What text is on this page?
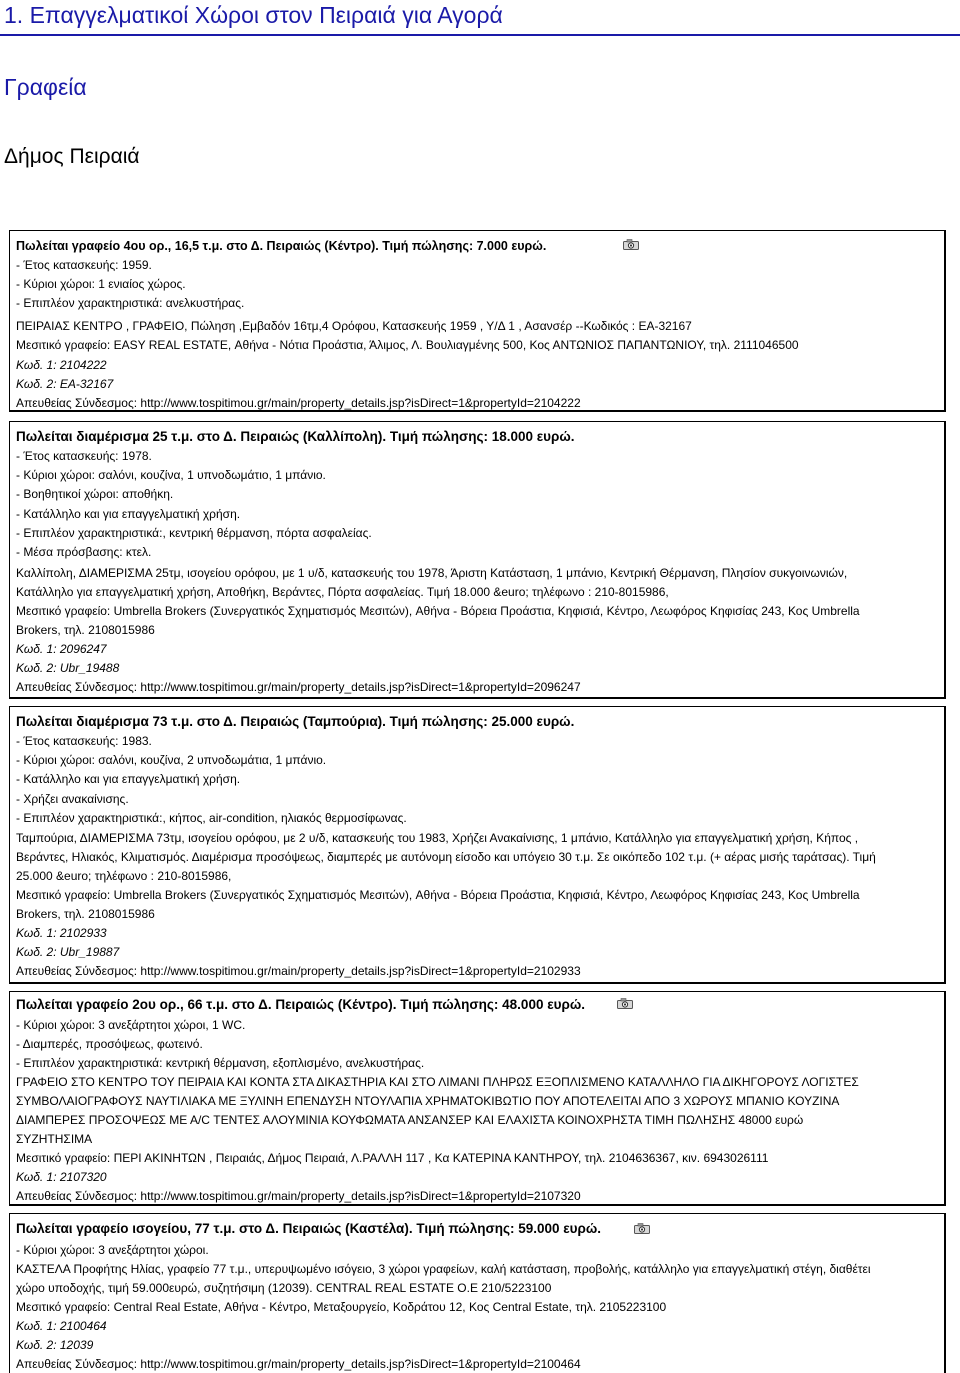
1. Επαγγελματικοί Χώροι στον Πειραιά για Αγορά
Γραφεία
Δήμος Πειραιά
Πωλείται γραφείο 4ου ορ., 16,5 τ.μ. στο Δ. Πειραιώς (Κέντρο). Τιμή πώλησης: 7.000 ευρώ.
- Έτος κατασκευής: 1959.
- Κύριοι χώροι: 1 ενιαίος χώρος.
- Επιπλέον χαρακτηριστικά: ανελκυστήρας.
ΠΕΙΡΑΙΑΣ ΚΕΝΤΡΟ , ΓΡΑΦΕΙΟ, Πώληση ,Εμβαδόν 16τμ,4 Ορόφου, Κατασκευής 1959 , Υ/Δ 1 , Ασανσέρ --Κωδικός : ΕΑ-32167
Μεσιτικό γραφείο: EASY REAL ESTATE, Αθήνα - Νότια Προάστια, Άλιμος, Λ. Βουλιαγμένης 500, Κος ΑΝΤΩΝΙΟΣ ΠΑΠΑΝΤΩΝΙΟΥ, τηλ. 2111046500
Κωδ. 1: 2104222
Κωδ. 2: ΕΑ-32167
Απευθείας Σύνδεσμος: http://www.tospitimou.gr/main/property_details.jsp?isDirect=1&propertyId=2104222
Πωλείται διαμέρισμα 25 τ.μ. στο Δ. Πειραιώς (Καλλίπολη). Τιμή πώλησης: 18.000 ευρώ.
- Έτος κατασκευής: 1978.
- Κύριοι χώροι: σαλόνι, κουζίνα, 1 υπνοδωμάτιο, 1 μπάνιο.
- Βοηθητικοί χώροι: αποθήκη.
- Κατάλληλο και για επαγγελματική χρήση.
- Επιπλέον χαρακτηριστικά:, κεντρική θέρμανση, πόρτα ασφαλείας.
- Μέσα πρόσβασης: κτελ.
Καλλίπολη, ΔΙΑΜΕΡΙΣΜΑ 25τμ, ισογείου ορόφου, με 1 υ/δ, κατασκευής του 1978, Άριστη Κατάσταση, 1 μπάνιο, Κεντρική Θέρμανση, Πλησίον συκγοινωνιών,
Κατάλληλο για επαγγελματική χρήση, Αποθήκη, Βεράντες, Πόρτα ασφαλείας. Τιμή 18.000 &euro; τηλέφωνο : 210-8015986,
Μεσιτικό γραφείο: Umbrella Brokers (Συνεργατικός Σχηματισμός Μεσιτών), Αθήνα - Βόρεια Προάστια, Κηφισιά, Κέντρο, Λεωφόρος Κηφισίας 243, Κος Umbrella
Brokers, τηλ. 2108015986
Κωδ. 1: 2096247
Κωδ. 2: Ubr_19488
Απευθείας Σύνδεσμος: http://www.tospitimou.gr/main/property_details.jsp?isDirect=1&propertyId=2096247
Πωλείται διαμέρισμα 73 τ.μ. στο Δ. Πειραιώς (Ταμπούρια). Τιμή πώλησης: 25.000 ευρώ.
- Έτος κατασκευής: 1983.
- Κύριοι χώροι: σαλόνι, κουζίνα, 2 υπνοδωμάτια, 1 μπάνιο.
- Κατάλληλο και για επαγγελματική χρήση.
- Χρήζει ανακαίνισης.
- Επιπλέον χαρακτηριστικά:, κήπος, air-condition, ηλιακός θερμοσίφωνας.
Ταμπούρια, ΔΙΑΜΕΡΙΣΜΑ 73τμ, ισογείου ορόφου, με 2 υ/δ, κατασκευής του 1983, Χρήζει Ανακαίνισης, 1 μπάνιο, Κατάλληλο για επαγγελματική χρήση, Κήπος ,
Βεράντες, Ηλιακός, Κλιματισμός. Διαμέρισμα προσόψεως, διαμπερές με αυτόνομη είσοδο και υπόγειο 30 τ.μ. Σε οικόπεδο 102 τ.μ. (+ αέρας μισής ταράτσας). Τιμή
25.000 &euro; τηλέφωνο : 210-8015986,
Μεσιτικό γραφείο: Umbrella Brokers (Συνεργατικός Σχηματισμός Μεσιτών), Αθήνα - Βόρεια Προάστια, Κηφισιά, Κέντρο, Λεωφόρος Κηφισίας 243, Κος Umbrella
Brokers, τηλ. 2108015986
Κωδ. 1: 2102933
Κωδ. 2: Ubr_19887
Απευθείας Σύνδεσμος: http://www.tospitimou.gr/main/property_details.jsp?isDirect=1&propertyId=2102933
Πωλείται γραφείο 2ου ορ., 66 τ.μ. στο Δ. Πειραιώς (Κέντρο). Τιμή πώλησης: 48.000 ευρώ.
- Κύριοι χώροι: 3 ανεξάρτητοι χώροι, 1 WC.
- Διαμπερές, προσόψεως, φωτεινό.
- Επιπλέον χαρακτηριστικά: κεντρική θέρμανση, εξοπλισμένο, ανελκυστήρας.
ΓΡΑΦΕΙΟ ΣΤΟ ΚΕΝΤΡΟ ΤΟΥ ΠΕΙΡΑΙΑ ΚΑΙ ΚΟΝΤΑ ΣΤΑ ΔΙΚΑΣΤΗΡΙΑ ΚΑΙ ΣΤΟ ΛΙΜΑΝΙ ΠΛΗΡΩΣ ΕΞΟΠΛΙΣΜΕΝΟ ΚΑΤΑΛΛΗΛΟ ΓΙΑ ΔΙΚΗΓΟΡΟΥΣ ΛΟΓΙΣΤΕΣ
ΣΥΜΒΟΛΑΙΟΓΡΑΦΟΥΣ ΝΑΥΤΙΛΙΑΚΑ ΜΕ ΞΥΛΙΝΗ ΕΠΕΝΔΥΣΗ ΝΤΟΥΛΑΠΙΑ ΧΡΗΜΑΤΟΚΙΒΩΤΙΟ ΠΟΥ ΑΠΟΤΕΛΕΙΤΑΙ ΑΠΟ 3 ΧΩΡΟΥΣ ΜΠΑΝΙΟ ΚΟΥΖΙΝΑ
ΔΙΑΜΠΕΡΕΣ ΠΡΟΣΟΨΕΩΣ ΜΕ Α/C ΤΕΝΤΕΣ ΑΛΟΥΜΙΝΙΑ ΚΟΥΦΩΜΑΤΑ ΑΝΣΑΝΣΕΡ ΚΑΙ ΕΛΑΧΙΣΤΑ ΚΟΙΝΟΧΡΗΣΤΑ ΤΙΜΗ ΠΩΛΗΣΗΣ 48000 ευρώ
ΣΥΖΗΤΗΣΙΜΑ
Μεσιτικό γραφείο: ΠΕΡΙ ΑΚΙΝΗΤΩΝ , Πειραιάς, Δήμος Πειραιά, Λ.ΡΑΛΛΗ 117 , Κα ΚΑΤΕΡΙΝΑ ΚΑΝΤΗΡΟΥ, τηλ. 2104636367, κιν. 6943026111
Κωδ. 1: 2107320
Απευθείας Σύνδεσμος: http://www.tospitimou.gr/main/property_details.jsp?isDirect=1&propertyId=2107320
Πωλείται γραφείο ισογείου, 77 τ.μ. στο Δ. Πειραιώς (Καστέλα). Τιμή πώλησης: 59.000 ευρώ.
- Κύριοι χώροι: 3 ανεξάρτητοι χώροι.
ΚΑΣΤΕΛΑ Προφήτης Ηλίας, γραφείο 77 τ.μ., υπερυψωμένο ισόγειο, 3 χώροι γραφείων, καλή κατάσταση, προβολής, κατάλληλο για επαγγελματική στέγη, διαθέτει
χώρο υποδοχής, τιμή 59.000ευρώ, συζητήσιμη (12039). CENTRAL REAL ESTATE O.E 210/5223100
Μεσιτικό γραφείο: Central Real Estate, Αθήνα - Κέντρο, Μεταξουργείο, Κοδράτου 12, Κος Central Estate, τηλ. 2105223100
Κωδ. 1: 2100464
Κωδ. 2: 12039
Απευθείας Σύνδεσμος: http://www.tospitimou.gr/main/property_details.jsp?isDirect=1&propertyId=2100464
